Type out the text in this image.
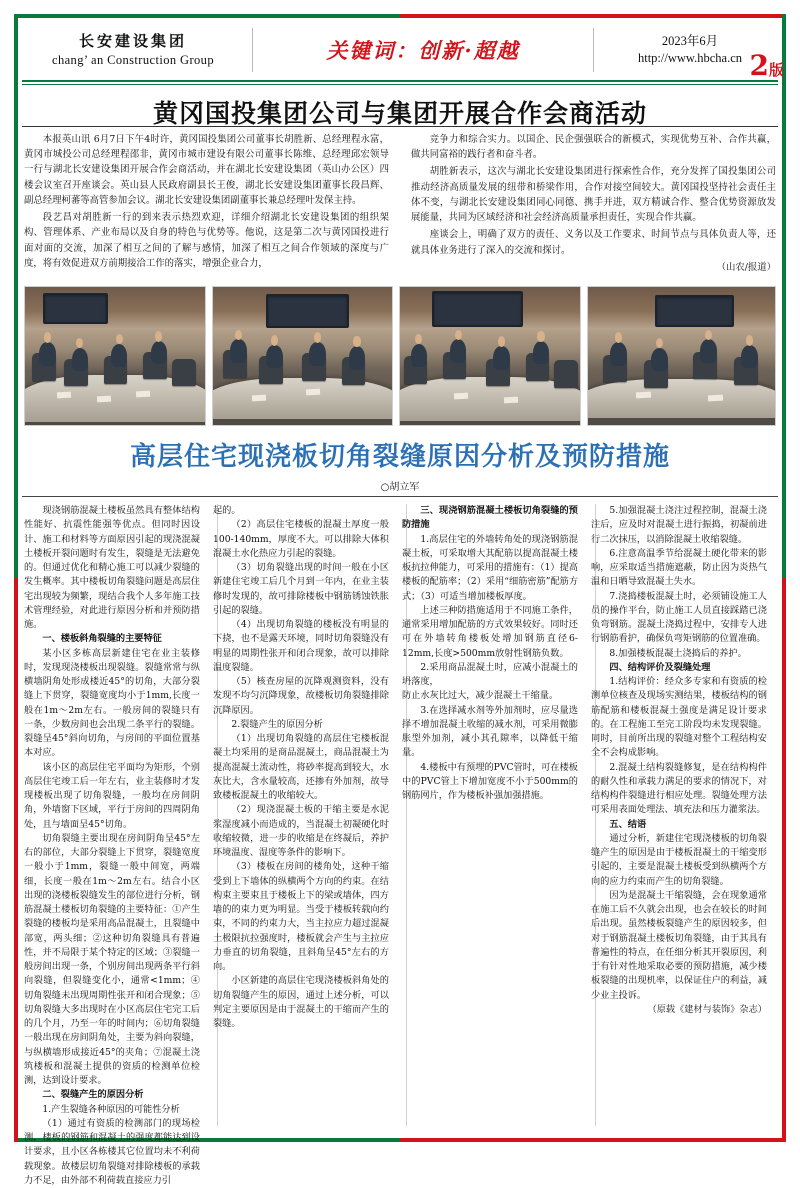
长安建设集团
chang’ an Construction Group	关键词：创新·超越	2023年6月
http://www.hbcha.cn 2版
黄冈国投集团公司与集团开展合作会商活动

本报英山讯 6月7日下午4时许，黄冈国投集团公司董事长胡胜新、总经理程永富，黄冈市城投公司总经理程邵非，黄冈市城市建设有限公司董事长陈维、总经理邱宏领导一行与湖北长安建设集团开展合作会商活动，并在湖北长安建设集团（英山办公区）四楼会议室召开座谈会。英山县人民政府副县长王俊，湖北长安建设集团董事长段昌辉、副总经理柯蕃等高管参加会议。湖北长安建设集团副董事长兼总经理叶发保主持。

段艺昌对胡胜新一行的到来表示热烈欢迎，详细介绍湖北长安建设集团的组织架构、管理体系、产业布局以及自身的特色与优势等。他说，这是第二次与黄冈国投进行面对面的交流，加深了相互之间的了解与感情，加深了相互之间合作领域的深度与广度，将有效促进双方前期接洽工作的落实，增强企业合力，

竞争力和综合实力。以国企、民企强强联合的新模式，实现优势互补、合作共赢，做共同富裕的践行者和奋斗者。

胡胜新表示，这次与湖北长安建设集团进行探索性合作，充分发挥了国投集团公司推动经济高质量发展的纽带和桥梁作用，合作对接空间较大。黄冈国投坚持社会责任主体不变，与湖北长安建设集团同心同德、携手并进，双方精诚合作、整合优势资源放发展能量，共同为区域经济和社会经济高质量承担责任，实现合作共赢。

座谈会上，明确了双方的责任、义务以及工作要求、时间节点与具体负责人等，还就具体业务进行了深入的交流和探讨。

（山农/报道）

高层住宅现浇板切角裂缝原因分析及预防措施
○胡立军

现浇钢筋混凝土楼板虽然具有整体结构性能好、抗震性能强等优点。但同时因设计、施工和材料等方面原因引起的现浇混凝土楼板开裂问题时有发生，裂缝是无法避免的。但通过优化和精心施工可以减少裂缝的发生概率。其中楼板切角裂缝问题是高层住宅出现较为频繁，现结合我个人多年施工技术管理经验，对此进行原因分析和并预防措施。

一、楼板斜角裂缝的主要特征

某小区多栋高层新建住宅在业主装修时，发现现浇楼板出现裂缝。裂缝常常与纵横墙阴角处形成楼近45°的切角，大部分裂缝上下贯穿，裂缝宽度均小于1mm,长度一般在1m～2m左右。一般房间的裂缝只有一条，少数房间也会出现二条平行的裂缝。裂缝呈45°斜向切角，与房间的平面位置基本对应。

该小区的高层住宅平面均为矩形，个别高层住宅竣工后一年左右，业主装修时才发现楼板出现了切角裂缝，一般均在房间阴角，外墙窗下区域，平行于房间的四周阴角处，且与墙面呈45°切角。

切角裂缝主要出现在房间阴角呈45°左右的部位，大部分裂缝上下贯穿，裂缝宽度一般小于1mm，裂缝一般中间宽，两端细，长度一般在1m～2m左右。结合小区出现的浇楼板裂缝发生的部位进行分析，钢筋混凝土楼板切角裂缝的主要特征：①产生裂缝的楼板均是采用高品混凝土，且裂缝中部宽，两头细；②这种切角裂缝具有普遍性，并不局限于某个特定的区域；③裂缝一般房间出现一条，个别房间出现两条平行斜向裂缝，但裂缝变化小，通常<1mm；④切角裂缝未出现周期性张开和闭合现象；⑤切角裂缝大多出现时在小区高层住宅完工后的几个月，乃至一年的时间内；⑥切角裂缝一般出现在房间阴角处，主要为斜向裂缝，与纵横墙形成接近45°的夹角；⑦混凝土浇筑楼板和混凝土提供的资质的检测单位检测，达到设计要求。

二、裂缝产生的原因分析

1.产生裂缝各种原因的可能性分析

（1）通过有资质的检测部门的现场检测，楼板的钢筋和混凝土的强度都能达到设计要求，且小区各栋楼其它位置均未不利荷载现象。故楼层切角裂缝对排除楼板的承载力不足，由外部不利荷载直接应力引

起的。

（2）高层住宅楼板的混凝土厚度一般100-140mm，厚度不大。可以排除大体积混凝土水化热应力引起的裂缝。

（3）切角裂缝出现的时间一般在小区新建住宅竣工后几个月到一年内，在业主装修时发现的，故可排除楼板中钢筋锈蚀铁胀引起的裂缝。

（4）出现切角裂缝的楼板没有明显的下挠，也不是露天环境，同时切角裂缝没有明显的周期性张开和闭合现象，故可以排除温度裂缝。

（5）核查房屋的沉降观测资料，没有发现不均匀沉降现象，故楼板切角裂缝排除沉降原因。

2.裂缝产生的原因分析

（1）出现切角裂缝的高层住宅楼板混凝土均采用的是商品混凝土，商品混凝土为提高混凝土流动性，将砂率提高到较大，水灰比大，含水量较高，还掺有外加剂，故导致楼板混凝土的收缩较大。

（2）现浇混凝土板的干缩主要是水泥浆湿度减小而造成的，当混凝土初凝硬化时收缩较微，进一步的收缩是在终凝后，养护环境温度、湿度等条件的影响下。

（3）楼板在房间的楼角处，这种干缩受到上下墙体的纵横两个方向的约束。在结构束主要束且于楼板上下的梁或墙体，四方墙的的束力更为明显。当受于楼板转载向约束，不同的约束力大，当主拉应力超过混凝土极限抗拉强度时，楼板就会产生与主拉应力垂直的切角裂缝，且斜角呈45°左右的方向。

小区新建的高层住宅现浇楼板斜角处的切角裂缝产生的原因，通过上述分析，可以判定主要原因是由于混凝土的干缩而产生的裂缝。

三、现浇钢筋混凝土楼板切角裂缝的预防措施

1.高层住宅的外墙转角处的现浇钢筋混凝土板，可采取增大其配筋以提高混凝土楼板抗拉伸能力，可采用的措施有：（1）提高楼板的配筋率；（2）采用“细筋密筋”配筋方式；（3）可适当增加楼板厚度。

上述三种防措施适用于不同施工条件，通常采用增加配筋的方式效果较好。同时还可在外墙转角楼板处增加钢筋直径6-12mm,长度>500mm放射性钢筋负数。

2.采用商品混凝土时，应减小混凝土的坍落度，

防止水灰比过大，减少混凝土干缩量。

3.在选择减水剂等外加剂时，应尽量选择不增加混凝土收缩的减水剂，可采用微膨胀型外加剂，减小其孔隙率，以降低干缩量。

4.楼板中有预埋的PVC管时，可在楼板中的PVC管上下增加宽度不小于500mm的钢筋网片，作为楼板补强加强措施。

5.加强混凝土浇注过程控制，混凝土浇注后，应及时对混凝土进行振捣，初凝前进行二次抹压，以消除混凝土收缩裂缝。

6.注意高温季节给混凝土硬化带来的影响，应采取适当措施遮蔽，防止因为炎热气温和日晒导致混凝土失水。

7.浇捣楼板混凝土时，必须铺设施工人员的操作平台，防止施工人员直接踩踏已浇负弯钢筋。混凝土浇捣过程中，安排专人进行钢筋看护，确保负弯矩钢筋的位置准确。

8.加强楼板混凝土浇捣后的养护。

四、结构评价及裂缝处理

1.结构评价：经众多专家和有资质的检测单位核查及现场实测结果，楼板结构的钢筋配筋和楼板混凝土强度是满足设计要求的。在工程施工至完工阶段均未发现裂缝。同时，目前所出现的裂缝对整个工程结构安全不会构成影响。

2.混凝土结构裂缝修复，是在结构构件的耐久性和承载力满足的要求的情况下，对结构构件裂缝进行相应处理。裂缝处理方法可采用表面处理法、填充法和压力灌浆法。

五、结语

通过分析，新建住宅现浇楼板的切角裂缝产生的原因是由于楼板混凝土的干缩变形引起的，主要是混凝土楼板受到纵横两个方向的应力约束而产生的切角裂缝。

因为是混凝土干缩裂缝，会在现象通常在施工后不久就会出现，也会在较长的时间后出现。虽然楼板裂缝产生的原因较多，但对于钢筋混凝土楼板切角裂缝，由于其具有普遍性的特点，在任细分析其开裂原因，利于有针对性地采取必要的预防措施，减少楼板裂缝的出现机率，以保证住户的利益，减少业主投诉。

（原载《建材与装饰》杂志）
